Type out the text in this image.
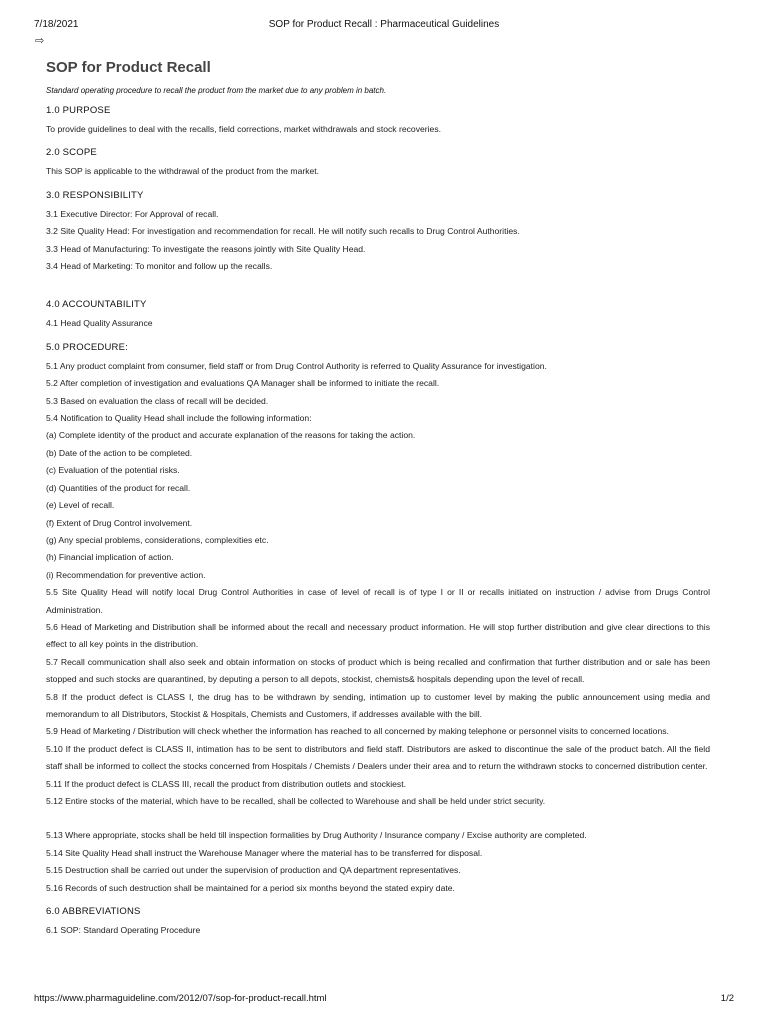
7/18/2021	SOP for Product Recall : Pharmaceutical Guidelines
⇨
SOP for Product Recall
Standard operating procedure to recall the product from the market due to any problem in batch.
1.0 PURPOSE
To provide guidelines to deal with the recalls, field corrections, market withdrawals and stock recoveries.
2.0 SCOPE
This SOP is applicable to the withdrawal of the product from the market.
3.0 RESPONSIBILITY
3.1 Executive Director: For Approval of recall.
3.2 Site Quality Head: For investigation and recommendation for recall. He will notify such recalls to Drug Control Authorities.
3.3 Head of Manufacturing: To investigate the reasons jointly with Site Quality Head.
3.4 Head of Marketing: To monitor and follow up the recalls.
4.0 ACCOUNTABILITY
4.1 Head Quality Assurance
5.0 PROCEDURE:
5.1 Any product complaint from consumer, field staff or from Drug Control Authority is referred to Quality Assurance for investigation.
5.2 After completion of investigation and evaluations QA Manager shall be informed to initiate the recall.
5.3 Based on evaluation the class of recall will be decided.
5.4 Notification to Quality Head shall include the following information:
(a) Complete identity of the product and accurate explanation of the reasons for taking the action.
(b) Date of the action to be completed.
(c) Evaluation of the potential risks.
(d) Quantities of the product for recall.
(e) Level of recall.
(f) Extent of Drug Control involvement.
(g) Any special problems, considerations, complexities etc.
(h) Financial implication of action.
(i) Recommendation for preventive action.
5.5 Site Quality Head will notify local Drug Control Authorities in case of level of recall is of type I or II or recalls initiated on instruction / advise from Drugs Control Administration.
5.6 Head of Marketing and Distribution shall be informed about the recall and necessary product information. He will stop further distribution and give clear directions to this effect to all key points in the distribution.
5.7 Recall communication shall also seek and obtain information on stocks of product which is being recalled and confirmation that further distribution and or sale has been stopped and such stocks are quarantined, by deputing a person to all depots, stockist, chemists& hospitals depending upon the level of recall.
5.8 If the product defect is CLASS I, the drug has to be withdrawn by sending, intimation up to customer level by making the public announcement using media and memorandum to all Distributors, Stockist & Hospitals, Chemists and Customers, if addresses available with the bill.
5.9 Head of Marketing / Distribution will check whether the information has reached to all concerned by making telephone or personnel visits to concerned locations.
5.10 If the product defect is CLASS II, intimation has to be sent to distributors and field staff. Distributors are asked to discontinue the sale of the product batch. All the field staff shall be informed to collect the stocks concerned from Hospitals / Chemists / Dealers under their area and to return the withdrawn stocks to concerned distribution center.
5.11 If the product defect is CLASS III, recall the product from distribution outlets and stockiest.
5.12 Entire stocks of the material, which have to be recalled, shall be collected to Warehouse and shall be held under strict security.
5.13 Where appropriate, stocks shall be held till inspection formalities by Drug Authority / Insurance company / Excise authority are completed.
5.14 Site Quality Head shall instruct the Warehouse Manager where the material has to be transferred for disposal.
5.15 Destruction shall be carried out under the supervision of production and QA department representatives.
5.16 Records of such destruction shall be maintained for a period six months beyond the stated expiry date.
6.0 ABBREVIATIONS
6.1 SOP: Standard Operating Procedure
https://www.pharmaguideline.com/2012/07/sop-for-product-recall.html	1/2
